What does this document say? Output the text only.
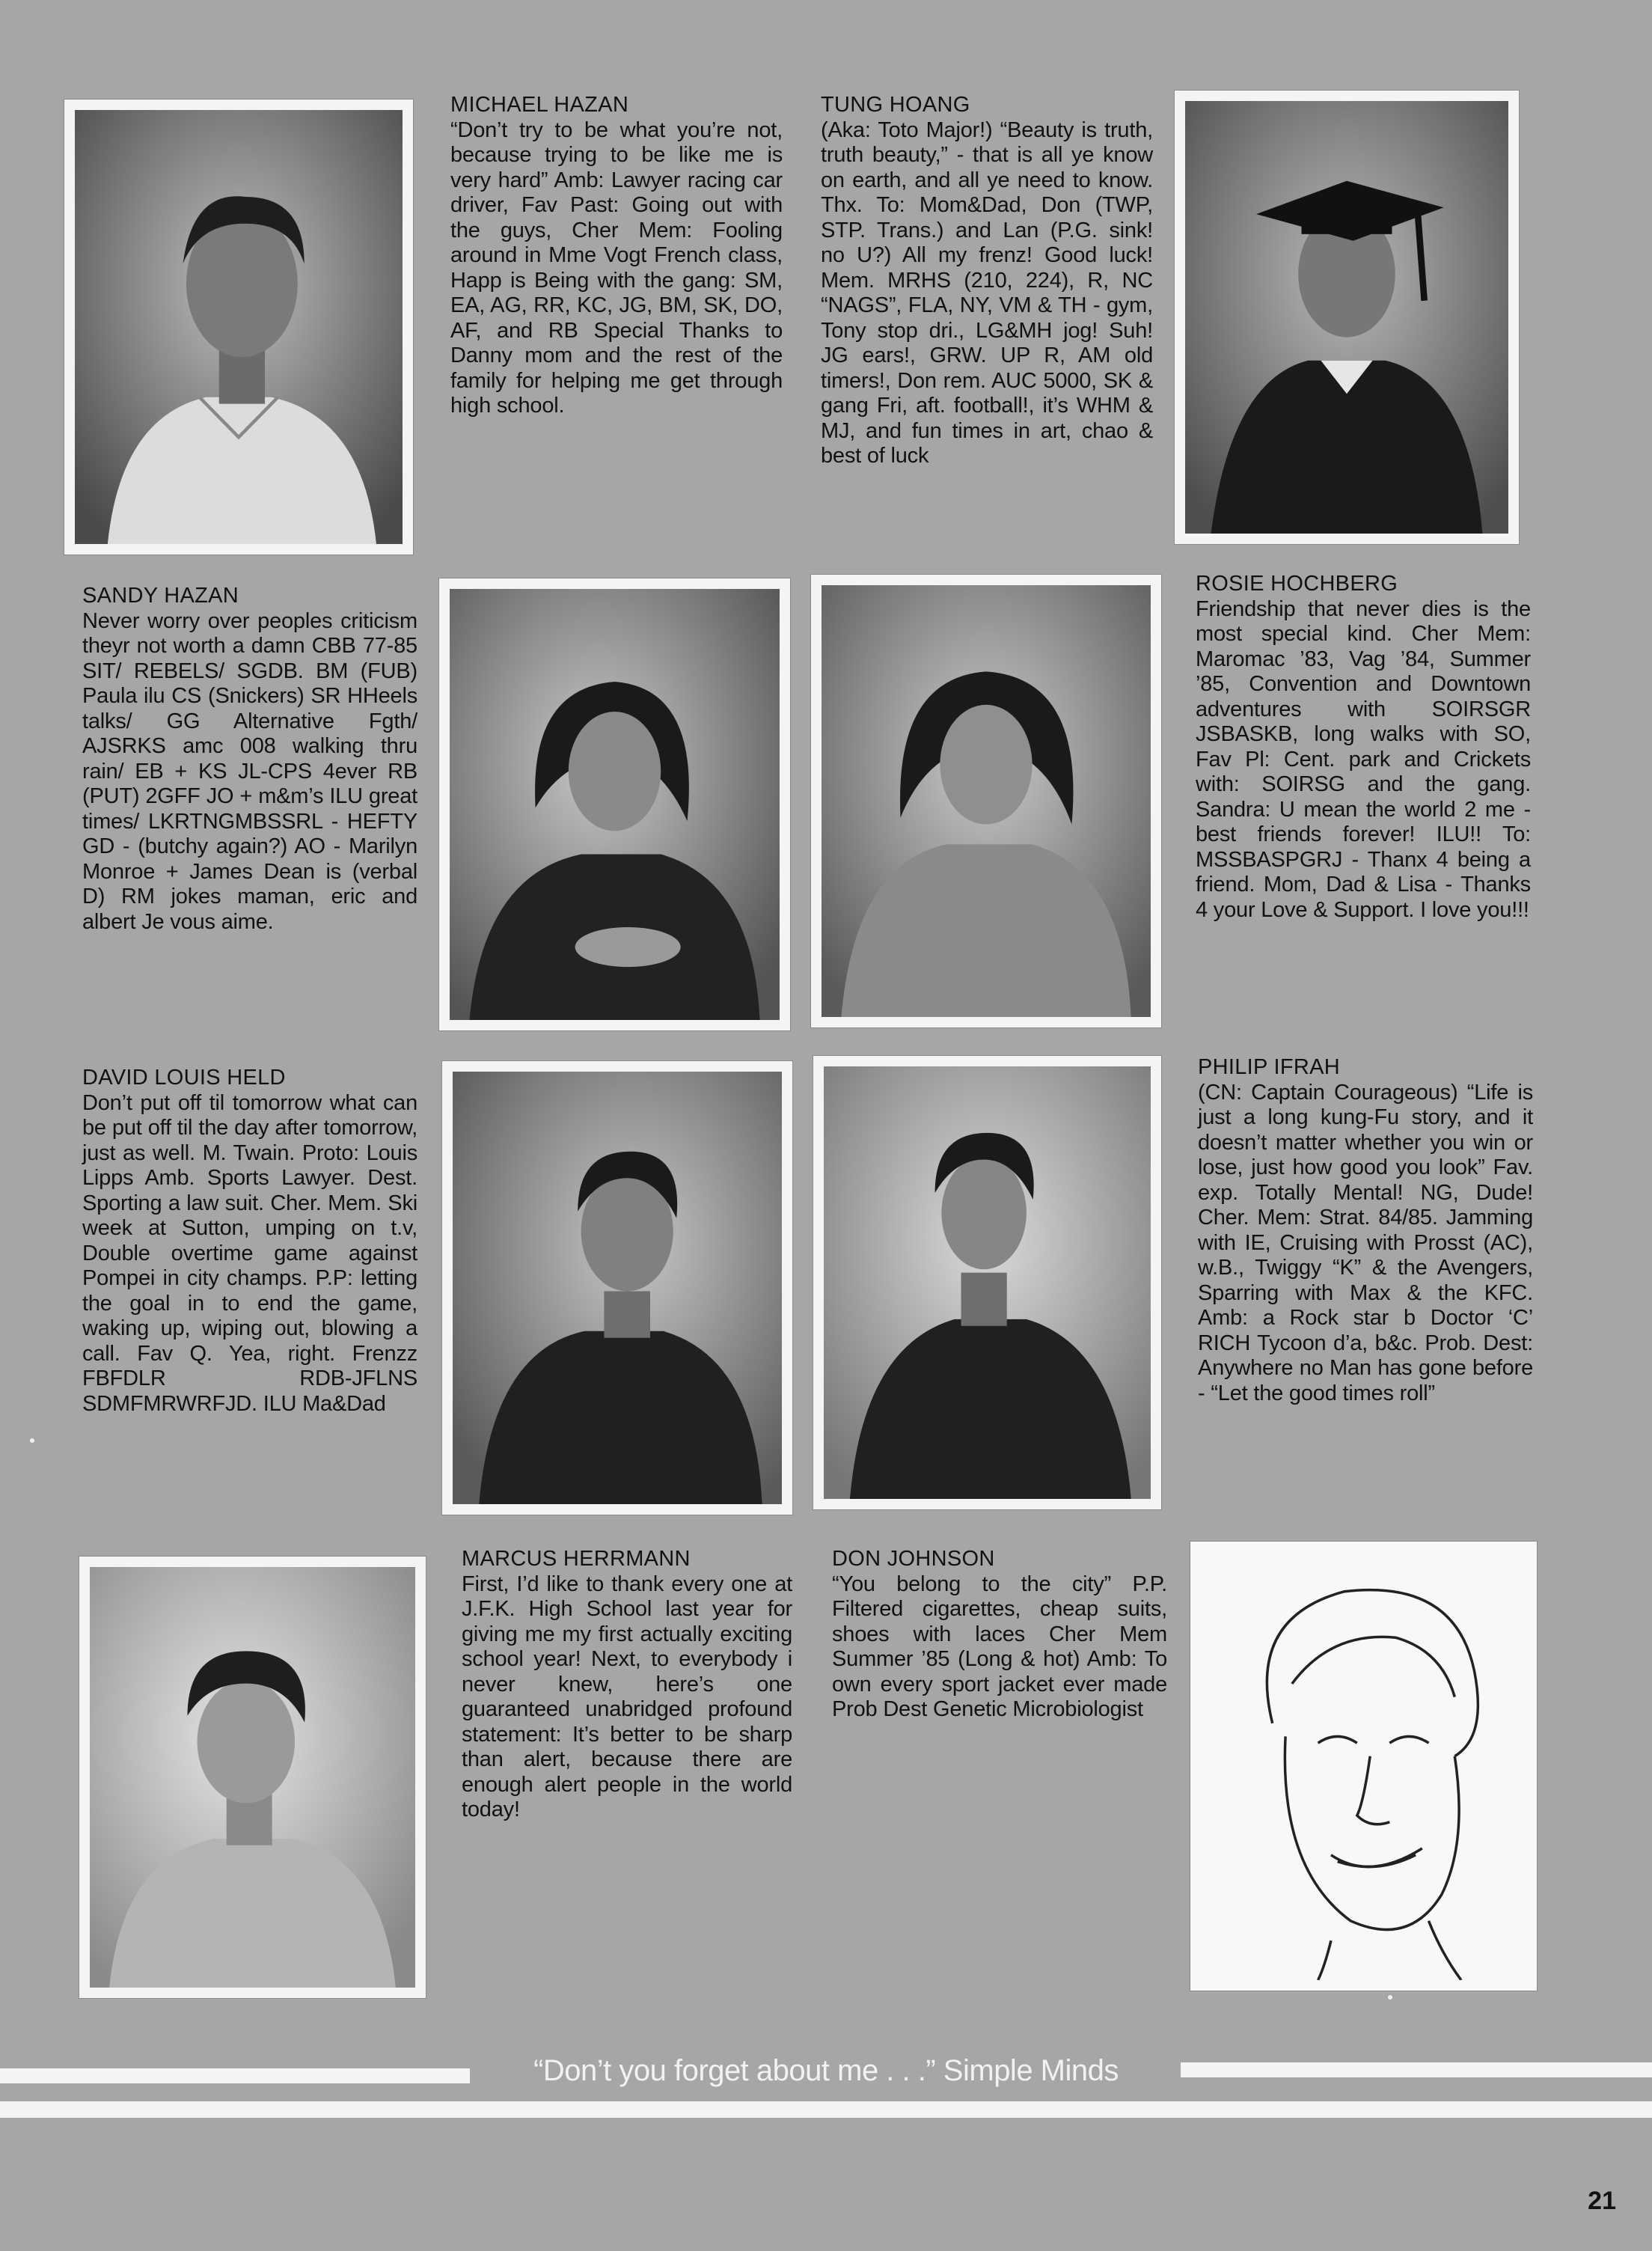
MICHAEL HAZAN
“Don’t try to be what you’re not, because trying to be like me is very hard” Amb: Lawyer racing car driver, Fav Past: Going out with the guys, Cher Mem: Fooling around in Mme Vogt French class, Happ is Being with the gang: SM, EA, AG, RR, KC, JG, BM, SK, DO, AF, and RB Special Thanks to Danny mom and the rest of the family for helping me get through high school.
TUNG HOANG
(Aka: Toto Major!) “Beauty is truth, truth beauty,” - that is all ye know on earth, and all ye need to know. Thx. To: Mom&Dad, Don (TWP, STP. Trans.) and Lan (P.G. sink! no U?) All my frenz! Good luck! Mem. MRHS (210, 224), R, NC “NAGS”, FLA, NY, VM & TH - gym, Tony stop dri., LG&MH jog! Suh! JG ears!, GRW. UP R, AM old timers!, Don rem. AUC 5000, SK & gang Fri, aft. football!, it’s WHM & MJ, and fun times in art, chao & best of luck
SANDY HAZAN
Never worry over peoples criticism theyr not worth a damn CBB 77-85 SIT/ REBELS/ SGDB. BM (FUB) Paula ilu CS (Snickers) SR HHeels talks/ GG Alternative Fgth/ AJSRKS amc 008 walking thru rain/ EB + KS JL-CPS 4ever RB (PUT) 2GFF JO + m&m’s ILU great times/ LKRTNGMBSSRL - HEFTY GD - (butchy again?) AO - Marilyn Monroe + James Dean is (verbal D) RM jokes maman, eric and albert Je vous aime.
ROSIE HOCHBERG
Friendship that never dies is the most special kind. Cher Mem: Maromac ’83, Vag ’84, Summer ’85, Convention and Downtown adventures with SOIRSGR JSBASKB, long walks with SO, Fav Pl: Cent. park and Crickets with: SOIRSG and the gang. Sandra: U mean the world 2 me - best friends forever! ILU!! To: MSSBASPGRJ - Thanx 4 being a friend. Mom, Dad & Lisa - Thanks 4 your Love & Support. I love you!!!
DAVID LOUIS HELD
Don’t put off til tomorrow what can be put off til the day after tomorrow, just as well. M. Twain. Proto: Louis Lipps Amb. Sports Lawyer. Dest. Sporting a law suit. Cher. Mem. Ski week at Sutton, umping on t.v, Double overtime game against Pompei in city champs. P.P: letting the goal in to end the game, waking up, wiping out, blowing a call. Fav Q. Yea, right. Frenzz FBFDLR RDB-JFLNS SDMFMRWRFJD. ILU Ma&Dad
PHILIP IFRAH
(CN: Captain Courageous) “Life is just a long kung-Fu story, and it doesn’t matter whether you win or lose, just how good you look” Fav. exp. Totally Mental! NG, Dude! Cher. Mem: Strat. 84/85. Jamming with IE, Cruising with Prosst (AC), w.B., Twiggy “K” & the Avengers, Sparring with Max & the KFC. Amb: a Rock star b Doctor ‘C’ RICH Tycoon d’a, b&c. Prob. Dest: Anywhere no Man has gone before - “Let the good times roll”
MARCUS HERRMANN
First, I’d like to thank every one at J.F.K. High School last year for giving me my first actually exciting school year! Next, to everybody i never knew, here’s one guaranteed unabridged profound statement: It’s better to be sharp than alert, because there are enough alert people in the world today!
DON JOHNSON
“You belong to the city” P.P. Filtered cigarettes, cheap suits, shoes with laces Cher Mem Summer ’85 (Long & hot) Amb: To own every sport jacket ever made Prob Dest Genetic Microbiologist
“Don’t you forget about me . . .” Simple Minds
21
